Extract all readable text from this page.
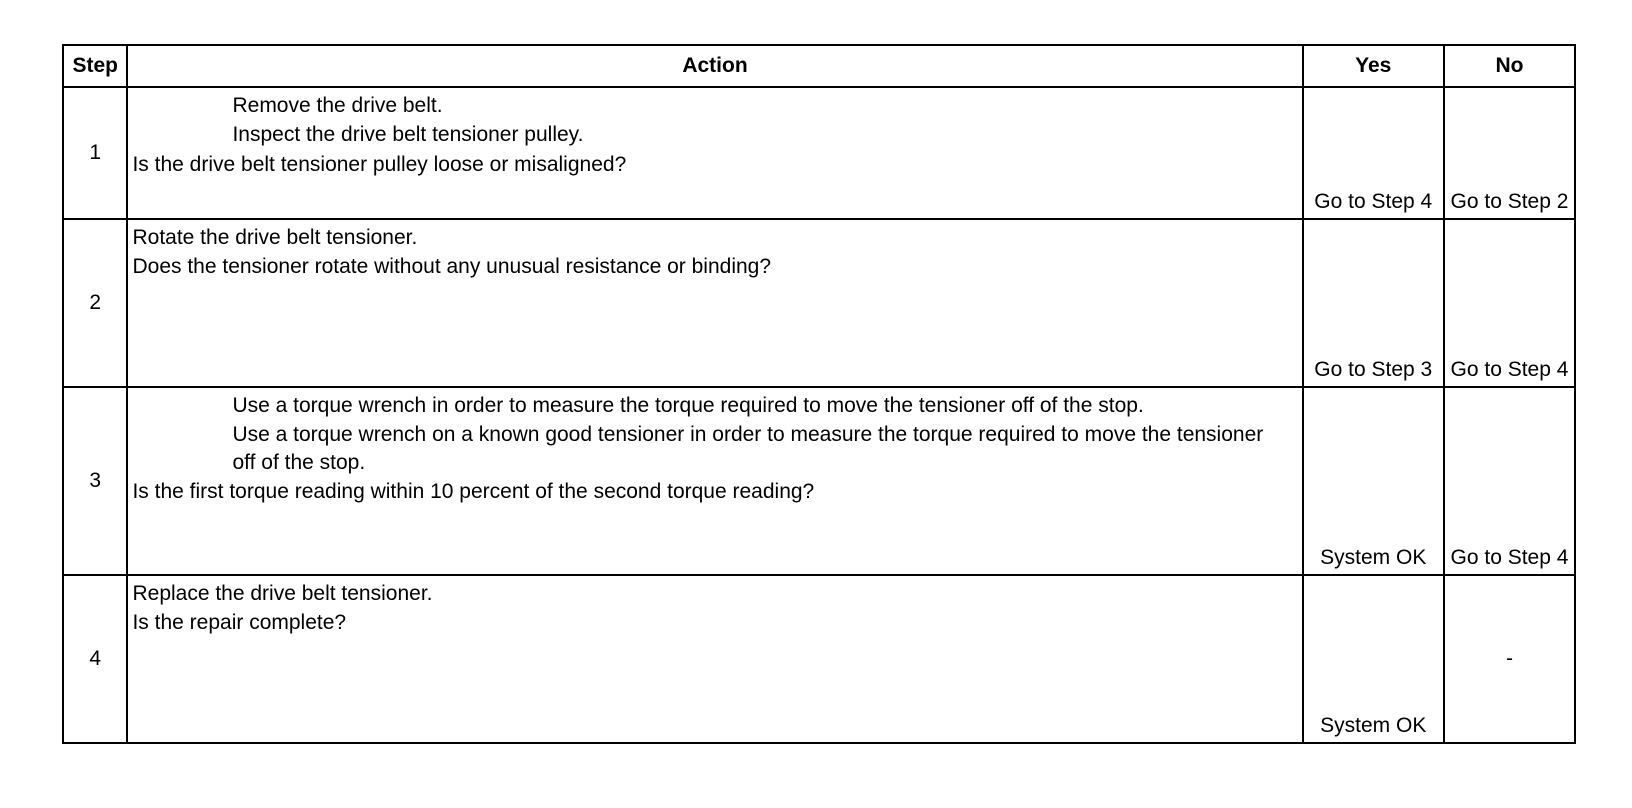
Step	Action	Yes	No
1	Remove the drive belt.
Inspect the drive belt tensioner pulley.
Is the drive belt tensioner pulley loose or misaligned?	Go to Step 4	Go to Step 2
2	Rotate the drive belt tensioner.
Does the tensioner rotate without any unusual resistance or binding?	Go to Step 3	Go to Step 4
3	Use a torque wrench in order to measure the torque required to move the tensioner off of the stop.
Use a torque wrench on a known good tensioner in order to measure the torque required to move the tensioner off of the stop.
Is the first torque reading within 10 percent of the second torque reading?	System OK	Go to Step 4
4	Replace the drive belt tensioner.
Is the repair complete?	System OK	-
